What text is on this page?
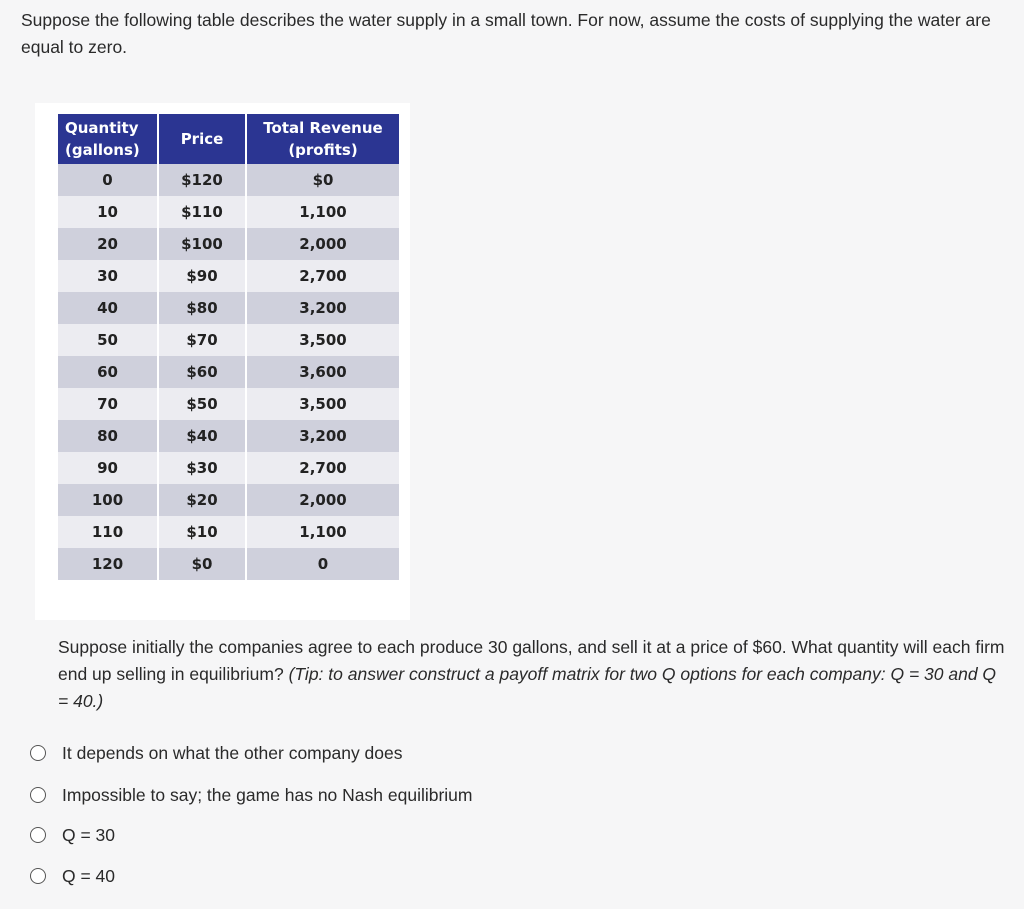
Suppose the following table describes the water supply in a small town. For now, assume the costs of supplying the water are equal to zero.
Quantity (gallons)	Price	Total Revenue (profits)
0	$120	$0
10	$110	1,100
20	$100	2,000
30	$90	2,700
40	$80	3,200
50	$70	3,500
60	$60	3,600
70	$50	3,500
80	$40	3,200
90	$30	2,700
100	$20	2,000
110	$10	1,100
120	$0	0
Suppose initially the companies agree to each produce 30 gallons, and sell it at a price of $60. What quantity will each firm end up selling in equilibrium? (Tip: to answer construct a payoff matrix for two Q options for each company: Q = 30 and Q = 40.)
It depends on what the other company does
Impossible to say; the game has no Nash equilibrium
Q = 30
Q = 40
